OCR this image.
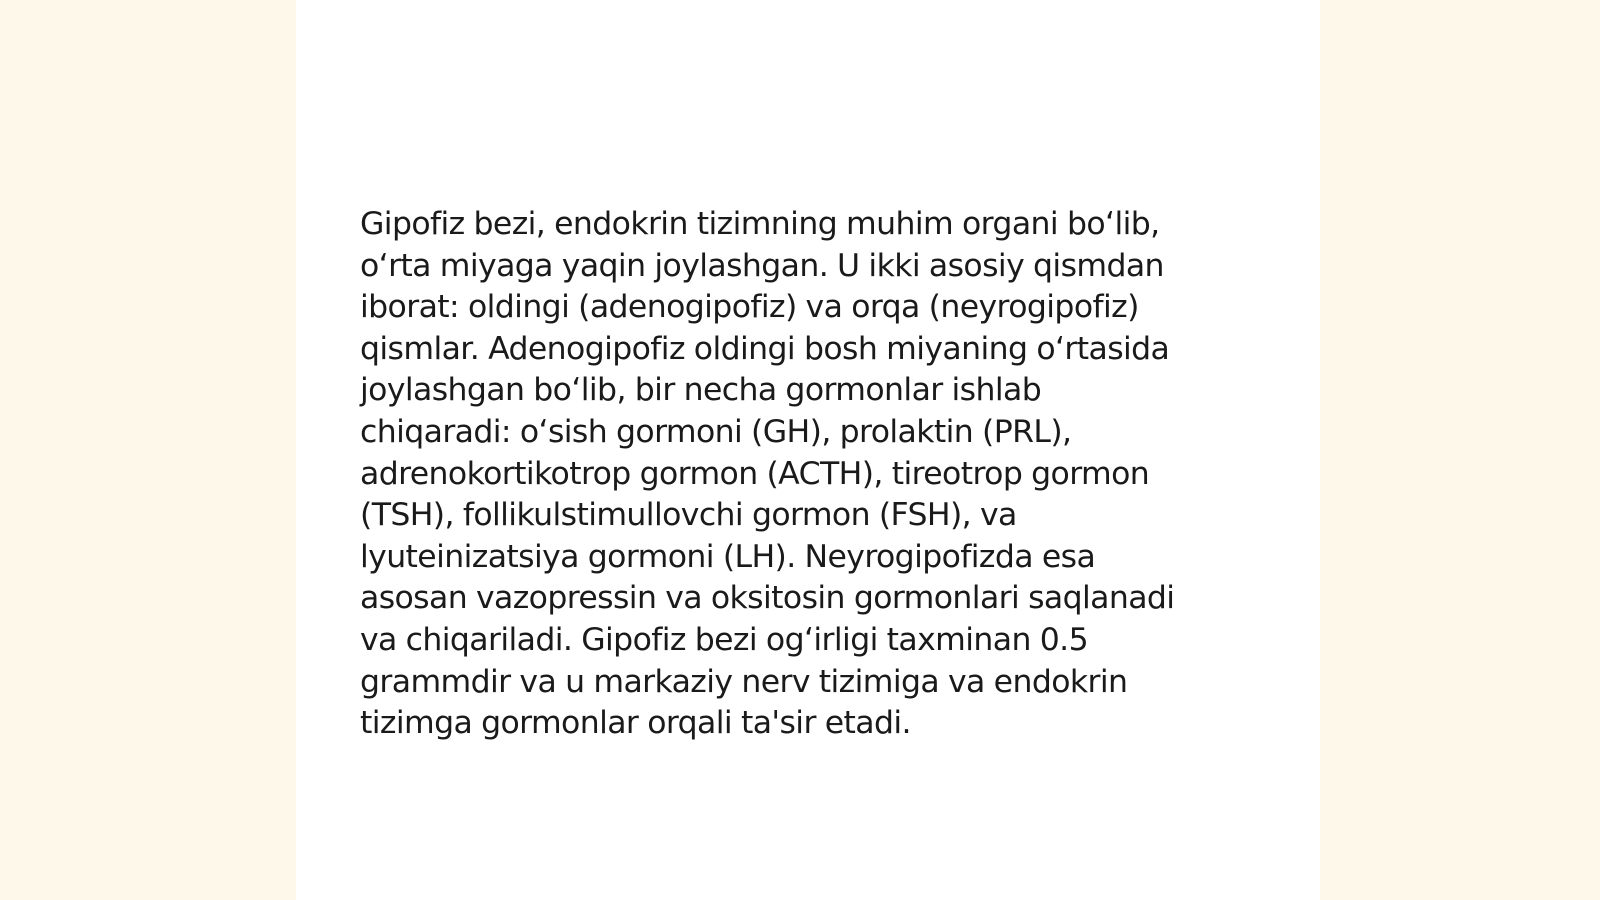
Gipofiz bezi, endokrin tizimning muhim organi bo‘lib,
o‘rta miyaga yaqin joylashgan. U ikki asosiy qismdan
iborat: oldingi (adenogipofiz) va orqa (neyrogipofiz)
qismlar. Adenogipofiz oldingi bosh miyaning o‘rtasida
joylashgan bo‘lib, bir necha gormonlar ishlab
chiqaradi: o‘sish gormoni (GH), prolaktin (PRL),
adrenokortikotrop gormon (ACTH), tireotrop gormon
(TSH), follikulstimullovchi gormon (FSH), va
lyuteinizatsiya gormoni (LH). Neyrogipofizda esa
asosan vazopressin va oksitosin gormonlari saqlanadi
va chiqariladi. Gipofiz bezi og‘irligi taxminan 0.5
grammdir va u markaziy nerv tizimiga va endokrin
tizimga gormonlar orqali ta'sir etadi.
